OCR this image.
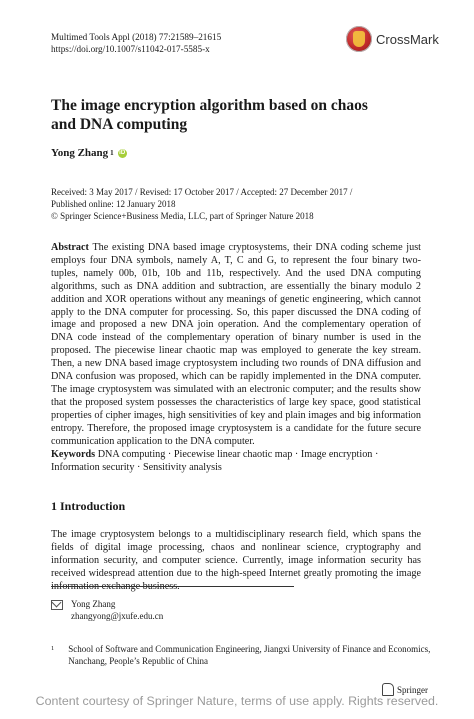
Multimed Tools Appl (2018) 77:21589–21615
https://doi.org/10.1007/s11042-017-5585-x
CrossMark
The image encryption algorithm based on chaos
and DNA computing
Yong Zhang 1 iD
Received: 3 May 2017 / Revised: 17 October 2017 / Accepted: 27 December 2017 /
Published online: 12 January 2018
© Springer Science+Business Media, LLC, part of Springer Nature 2018
Abstract The existing DNA based image cryptosystems, their DNA coding scheme just employs four DNA symbols, namely A, T, C and G, to represent the four binary two-tuples, namely 00b, 01b, 10b and 11b, respectively. And the used DNA computing algorithms, such as DNA addition and subtraction, are essentially the binary modulo 2 addition and XOR operations without any meanings of genetic engineering, which cannot apply to the DNA computer for processing. So, this paper discussed the DNA coding of image and proposed a new DNA join operation. And the complementary operation of DNA code instead of the complementary operation of binary number is used in the proposed. The piecewise linear chaotic map was employed to generate the key stream. Then, a new DNA based image cryptosystem including two rounds of DNA diffusion and DNA confusion was proposed, which can be rapidly implemented in the DNA computer. The image cryptosystem was simulated with an electronic computer; and the results show that the proposed system possesses the characteristics of large key space, good statistical properties of cipher images, high sensitivities of key and plain images and big information entropy. Therefore, the proposed image cryptosystem is a candidate for the future secure communication application to the DNA computer.
Keywords DNA computing · Piecewise linear chaotic map · Image encryption · Information security · Sensitivity analysis
1 Introduction
The image cryptosystem belongs to a multidisciplinary research field, which spans the fields of digital image processing, chaos and nonlinear science, cryptography and information security, and computer science. Currently, image information security has received widespread attention due to the high-speed Internet greatly promoting the image information exchange business.
Yong Zhang
zhangyong@jxufe.edu.cn
1 School of Software and Communication Engineering, Jiangxi University of Finance and Economics,
Nanchang, People’s Republic of China
Springer
Content courtesy of Springer Nature, terms of use apply. Rights reserved.
